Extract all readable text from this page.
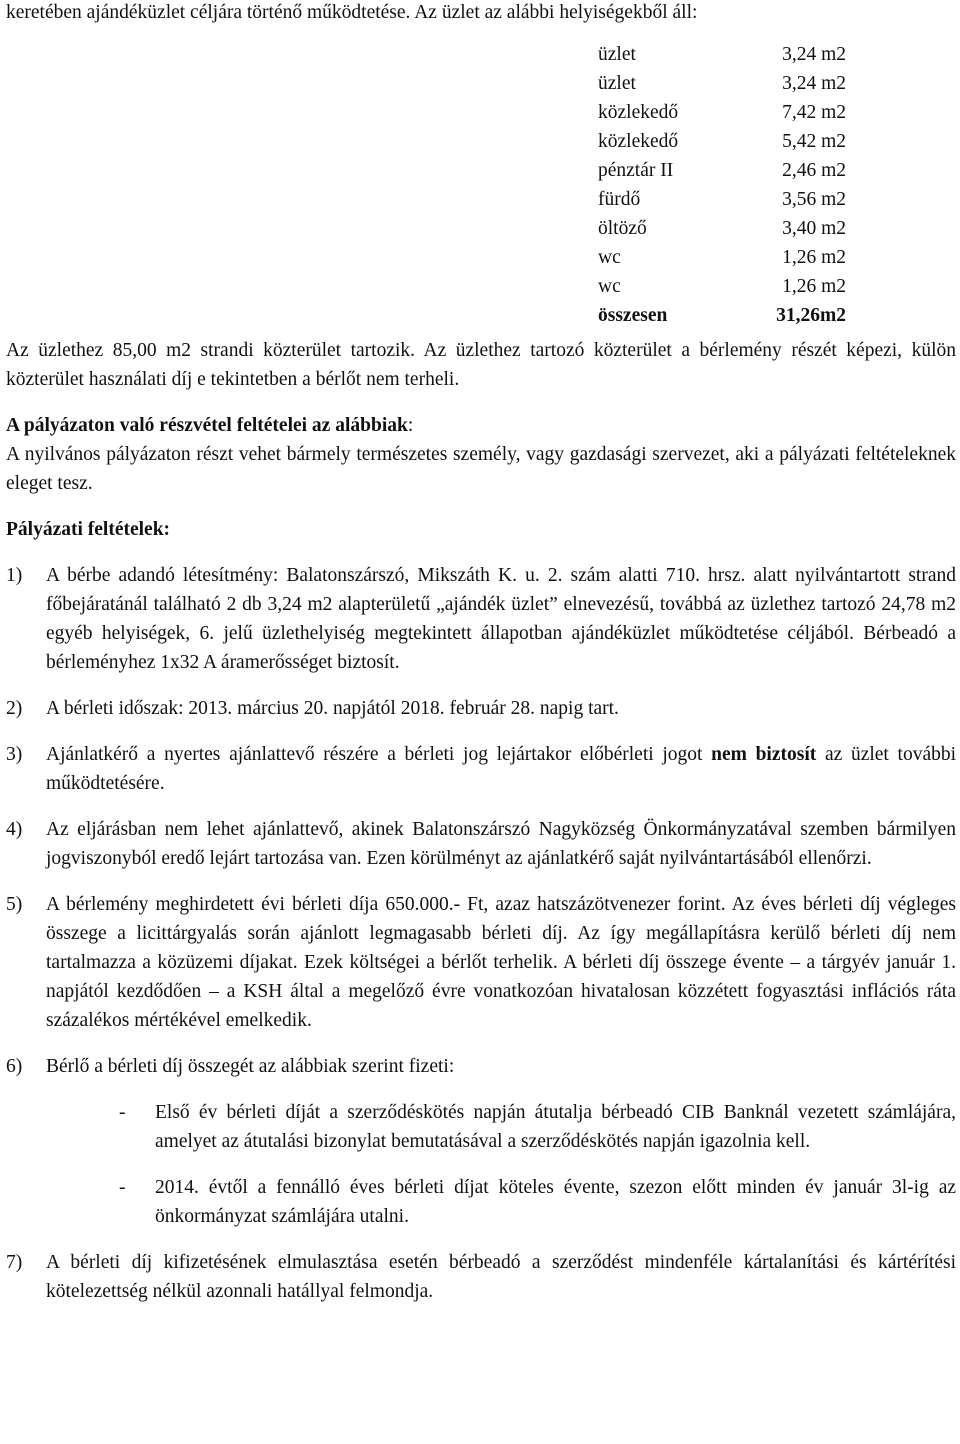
keretében ajándéküzlet céljára történő működtetése. Az üzlet az alábbi helyiségekből áll:

üzlet	3,24 m2
üzlet	3,24 m2
közlekedő	7,42 m2
közlekedő	5,42 m2
pénztár II	2,46 m2
fürdő	3,56 m2
öltöző	3,40 m2
wc	1,26 m2
wc	1,26 m2
összesen	31,26m2

Az üzlethez 85,00 m2 strandi közterület tartozik. Az üzlethez tartozó közterület a bérlemény részét képezi, külön közterület használati díj e tekintetben a bérlőt nem terheli.

A pályázaton való részvétel feltételei az alábbiak:

A nyilvános pályázaton részt vehet bármely természetes személy, vagy gazdasági szervezet, aki a pályázati feltételeknek eleget tesz.

Pályázati feltételek:

1)	A bérbe adandó létesítmény: Balatonszárszó, Mikszáth K. u. 2. szám alatti 710. hrsz. alatt nyilvántartott strand főbejáratánál található 2 db 3,24 m2 alapterületű „ajándék üzlet” elnevezésű, továbbá az üzlethez tartozó 24,78 m2 egyéb helyiségek, 6. jelű üzlethelyiség megtekintett állapotban ajándéküzlet működtetése céljából. Bérbeadó a bérleményhez 1x32 A áramerősséget biztosít.
2)	A bérleti időszak: 2013. március 20. napjától 2018. február 28. napig tart.
3)	Ajánlatkérő a nyertes ajánlattevő részére a bérleti jog lejártakor előbérleti jogot nem biztosít az üzlet további működtetésére.
4)	Az eljárásban nem lehet ajánlattevő, akinek Balatonszárszó Nagyközség Önkormányzatával szemben bármilyen jogviszonyból eredő lejárt tartozása van. Ezen körülményt az ajánlatkérő saját nyilvántartásából ellenőrzi.
5)	A bérlemény meghirdetett évi bérleti díja 650.000.- Ft, azaz hatszázötvenezer forint. Az éves bérleti díj végleges összege a licittárgyalás során ajánlott legmagasabb bérleti díj. Az így megállapításra kerülő bérleti díj nem tartalmazza a közüzemi díjakat. Ezek költségei a bérlőt terhelik. A bérleti díj összege évente – a tárgyév január 1. napjától kezdődően – a KSH által a megelőző évre vonatkozóan hivatalosan közzétett fogyasztási inflációs ráta százalékos mértékével emelkedik.
6)	Bérlő a bérleti díj összegét az alábbiak szerint fizeti:
-	Első év bérleti díját a szerződéskötés napján átutalja bérbeadó CIB Banknál vezetett számlájára, amelyet az átutalási bizonylat bemutatásával a szerződéskötés napján igazolnia kell.
-	2014. évtől a fennálló éves bérleti díjat köteles évente, szezon előtt minden év január 3l-ig az önkormányzat számlájára utalni.
7)	A bérleti díj kifizetésének elmulasztása esetén bérbeadó a szerződést mindenféle kártalanítási és kártérítési kötelezettség nélkül azonnali hatállyal felmondja.
